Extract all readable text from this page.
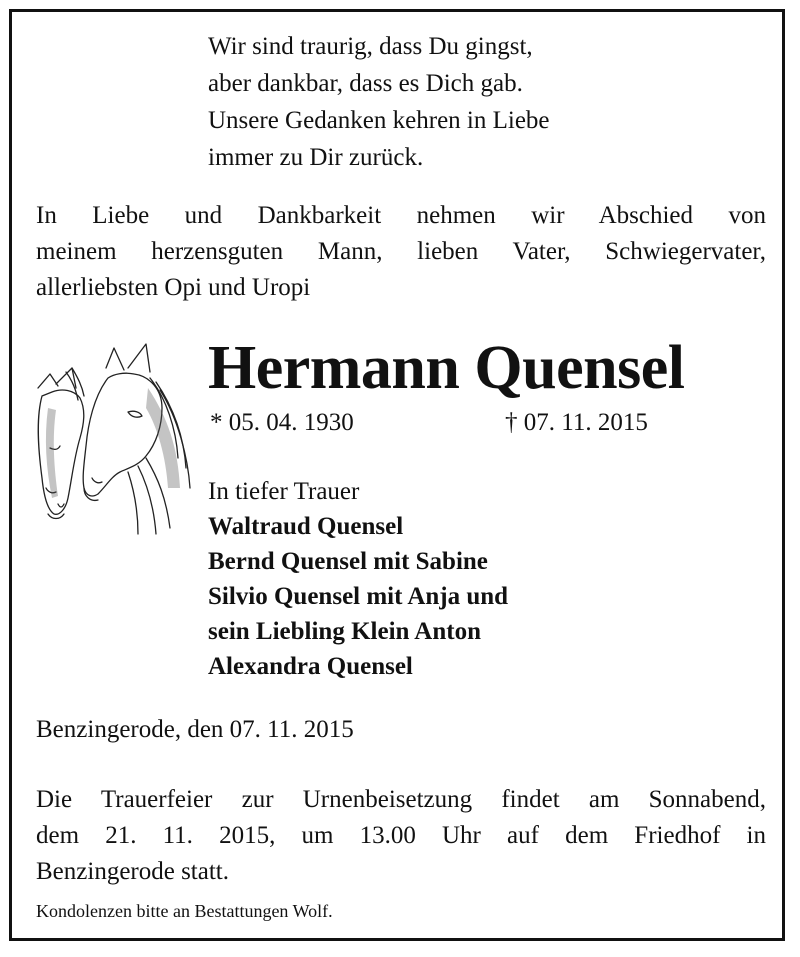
Wir sind traurig, dass Du gingst,
aber dankbar, dass es Dich gab.
Unsere Gedanken kehren in Liebe
immer zu Dir zurück.
In Liebe und Dankbarkeit nehmen wir Abschied von
meinem herzensguten Mann, lieben Vater, Schwiegervater,
allerliebsten Opi und Uropi
Hermann Quensel
* 05. 04. 1930	† 07. 11. 2015
In tiefer Trauer
Waltraud Quensel
Bernd Quensel mit Sabine
Silvio Quensel mit Anja und
sein Liebling Klein Anton
Alexandra Quensel
Benzingerode, den 07. 11. 2015
Die Trauerfeier zur Urnenbeisetzung findet am Sonnabend,
dem 21. 11. 2015, um 13.00 Uhr auf dem Friedhof in
Benzingerode statt.
Kondolenzen bitte an Bestattungen Wolf.
